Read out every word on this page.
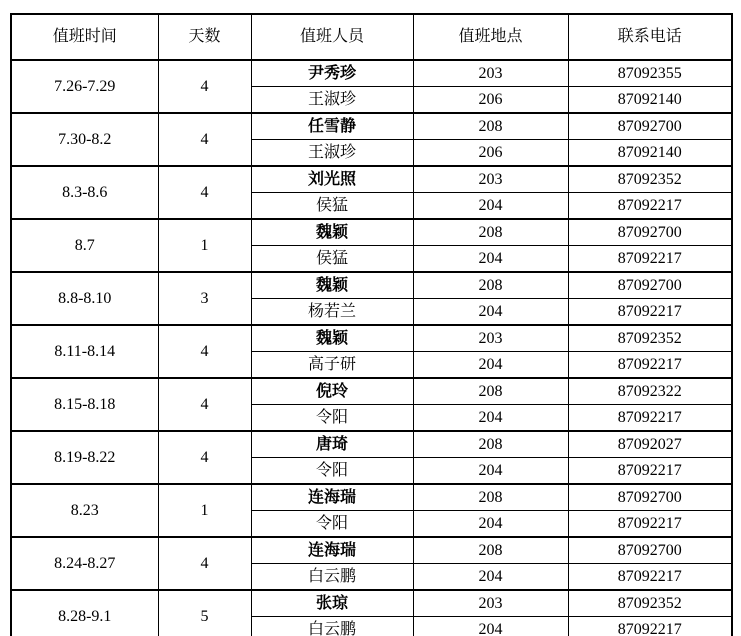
值班时间	天数	值班人员	值班地点	联系电话
7.26-7.29	4	尹秀珍	203	87092355
		王淑珍	206	87092140
7.30-8.2	4	任雪静	208	87092700
		王淑珍	206	87092140
8.3-8.6	4	刘光照	203	87092352
		侯猛	204	87092217
8.7	1	魏颖	208	87092700
		侯猛	204	87092217
8.8-8.10	3	魏颖	208	87092700
		杨若兰	204	87092217
8.11-8.14	4	魏颖	203	87092352
		高子研	204	87092217
8.15-8.18	4	倪玲	208	87092322
		令阳	204	87092217
8.19-8.22	4	唐琦	208	87092027
		令阳	204	87092217
8.23	1	连海瑞	208	87092700
		令阳	204	87092217
8.24-8.27	4	连海瑞	208	87092700
		白云鹏	204	87092217
8.28-9.1	5	张琼	203	87092352
		白云鹏	204	87092217
